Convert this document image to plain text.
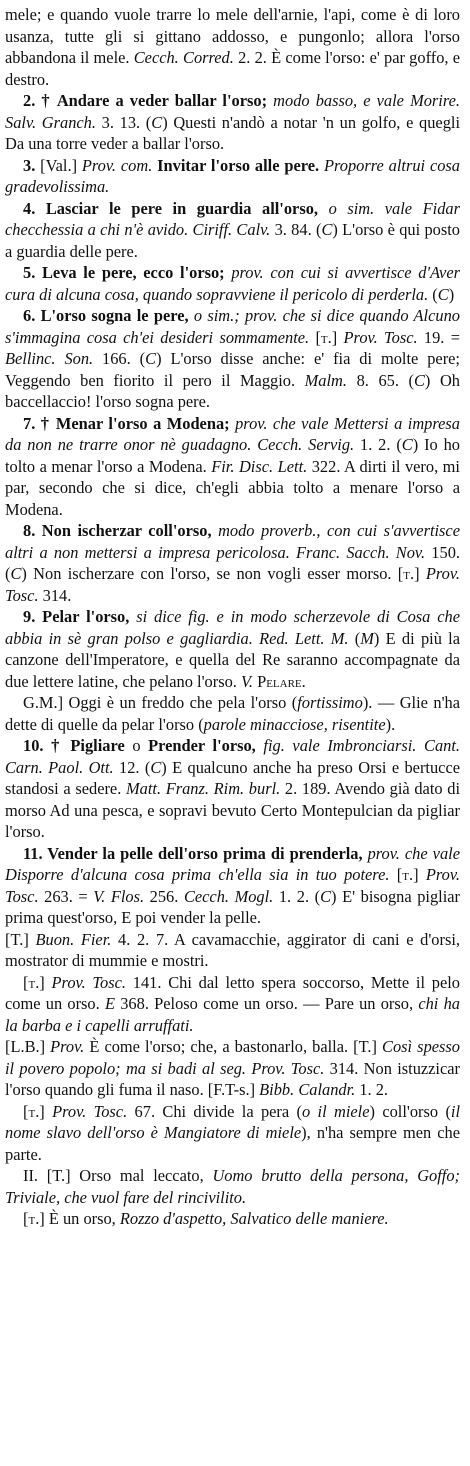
mele; e quando vuole trarre lo mele dell'arnie, l'api, come è di loro usanza, tutte gli si gittano addosso, e pungonlo; allora l'orso abbandona il mele. Cecch. Corred. 2. 2. È come l'orso: e' par goffo, e destro.

2. † Andare a veder ballar l'orso; modo basso, e vale Morire. Salv. Granch. 3. 13. (C) Questi n'andò a notar 'n un golfo, e quegli Da una torre veder a ballar l'orso.

3. [Val.] Prov. com. Invitar l'orso alle pere. Proporre altrui cosa gradevolissima.

4. Lasciar le pere in guardia all'orso, o sim. vale Fidar checchessia a chi n'è avido. Ciriff. Calv. 3. 84. (C) L'orso è qui posto a guardia delle pere.

5. Leva le pere, ecco l'orso; prov. con cui si avvertisce d'Aver cura di alcuna cosa, quando sopravviene il pericolo di perderla. (C)

6. L'orso sogna le pere, o sim.; prov. che si dice quando Alcuno s'immagina cosa ch'ei desideri sommamente. [t.] Prov. Tosc. 19. = Bellinc. Son. 166. (C) L'orso disse anche: e' fia di molte pere; Veggendo ben fiorito il pero il Maggio. Malm. 8. 65. (C) Oh baccellaccio! l'orso sogna pere.

7. † Menar l'orso a Modena; prov. che vale Mettersi a impresa da non ne trarre onor nè guadagno. Cecch. Servig. 1. 2. (C) Io ho tolto a menar l'orso a Modena. Fir. Disc. Lett. 322. A dirti il vero, mi par, secondo che si dice, ch'egli abbia tolto a menare l'orso a Modena.

8. Non ischerzar coll'orso, modo proverb., con cui s'avvertisce altri a non mettersi a impresa pericolosa. Franc. Sacch. Nov. 150. (C) Non ischerzare con l'orso, se non vogli esser morso. [t.] Prov. Tosc. 314.

9. Pelar l'orso, si dice fig. e in modo scherzevole di Cosa che abbia in sè gran polso e gagliardia. Red. Lett. M. (M) E di più la canzone dell'Imperatore, e quella del Re saranno accompagnate da due lettere latine, che pelano l'orso. V. Pelare.

G.M.] Oggi è un freddo che pela l'orso (fortissimo). — Glie n'ha dette di quelle da pelar l'orso (parole minacciose, risentite).

10. † Pigliare o Prender l'orso, fig. vale Imbronciarsi. Cant. Carn. Paol. Ott. 12. (C) E qualcuno anche ha preso Orsi e bertucce standosi a sedere. Matt. Franz. Rim. burl. 2. 189. Avendo già dato di morso Ad una pesca, e sopravi bevuto Certo Montepulcian da pigliar l'orso.

11. Vender la pelle dell'orso prima di prenderla, prov. che vale Disporre d'alcuna cosa prima ch'ella sia in tuo potere. [t.] Prov. Tosc. 263. = V. Flos. 256. Cecch. Mogl. 1. 2. (C) E' bisogna pigliar prima quest'orso, E poi vender la pelle.

[T.] Buon. Fier. 4. 2. 7. A cavamacchie, aggirator di cani e d'orsi, mostrator di mummie e mostri.

[t.] Prov. Tosc. 141. Chi dal letto spera soccorso, Mette il pelo come un orso. E 368. Peloso come un orso. — Pare un orso, chi ha la barba e i capelli arruffati.

[L.B.] Prov. È come l'orso; che, a bastonarlo, balla. [T.] Così spesso il povero popolo; ma si badi al seg. Prov. Tosc. 314. Non istuzzicar l'orso quando gli fuma il naso. [F.T-s.] Bibb. Calandr. 1. 2.

[t.] Prov. Tosc. 67. Chi divide la pera (o il miele) coll'orso (il nome slavo dell'orso è Mangiatore di miele), n'ha sempre men che parte.

II. [T.] Orso mal leccato, Uomo brutto della persona, Goffo; Triviale, che vuol fare del rincivilito.

[t.] È un orso, Rozzo d'aspetto, Salvatico delle maniere.
